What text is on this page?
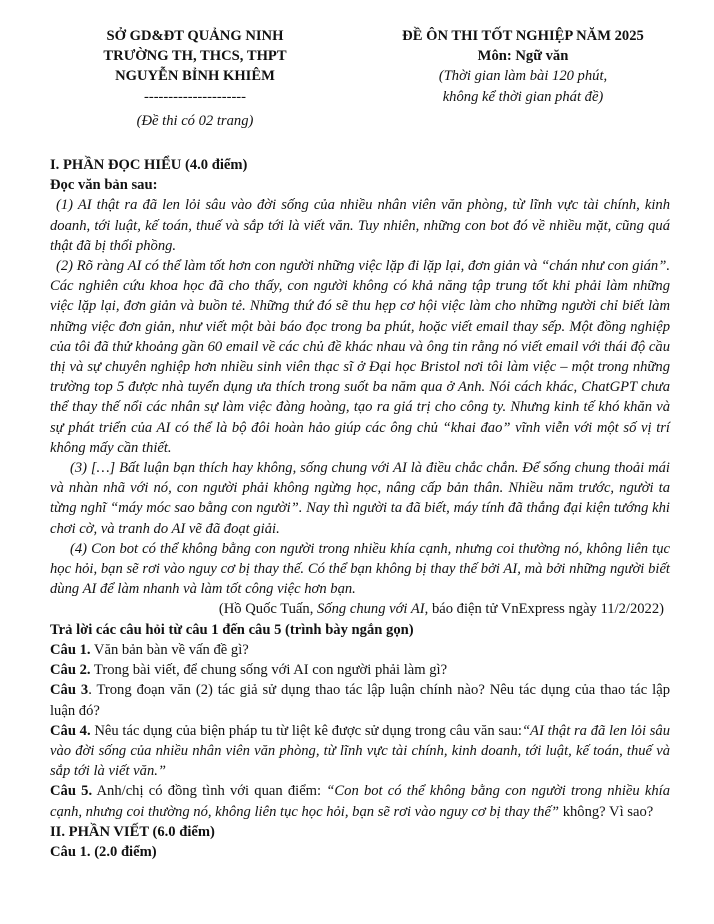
SỞ GD&ĐT QUẢNG NINH
TRƯỜNG TH, THCS, THPT
NGUYỄN BỈNH KHIÊM
---------------------
(Đề thi có 02 trang)
ĐỀ ÔN THI TỐT NGHIỆP NĂM 2025
Môn: Ngữ văn
(Thời gian làm bài 120 phút,
không kể thời gian phát đề)
I. PHẦN ĐỌC HIỂU (4.0 điểm)
Đọc văn bản sau:

(1) AI thật ra đã len lỏi sâu vào đời sống của nhiều nhân viên văn phòng, từ lĩnh vực tài chính, kinh doanh, tới luật, kế toán, thuế và sắp tới là viết văn. Tuy nhiên, những con bot đó về nhiều mặt, cũng quá thật đã bị thổi phồng.

(2) Rõ ràng AI có thể làm tốt hơn con người những việc lặp đi lặp lại, đơn giản và “chán như con gián”. Các nghiên cứu khoa học đã cho thấy, con người không có khả năng tập trung tốt khi phải làm những việc lặp lại, đơn giản và buồn tẻ. Những thứ đó sẽ thu hẹp cơ hội việc làm cho những người chỉ biết làm những việc đơn giản, như viết một bài báo đọc trong ba phút, hoặc viết email thay sếp. Một đồng nghiệp của tôi đã thử khoảng gần 60 email về các chủ đề khác nhau và ông tin rằng nó viết email với thái độ cầu thị và sự chuyên nghiệp hơn nhiều sinh viên thạc sĩ ở Đại học Bristol nơi tôi làm việc – một trong những trường top 5 được nhà tuyển dụng ưa thích trong suốt ba năm qua ở Anh. Nói cách khác, ChatGPT chưa thể thay thế nổi các nhân sự làm việc đàng hoàng, tạo ra giá trị cho công ty. Nhưng kinh tế khó khăn và sự phát triển của AI có thể là bộ đôi hoàn hảo giúp các ông chủ “khai đao” vĩnh viễn với một số vị trí không mấy cần thiết.

(3) […] Bất luận bạn thích hay không, sống chung với AI là điều chắc chắn. Để sống chung thoải mái và nhàn nhã với nó, con người phải không ngừng học, nâng cấp bản thân. Nhiều năm trước, người ta từng nghĩ “máy móc sao bằng con người”. Nay thì người ta đã biết, máy tính đã thắng đại kiện tướng khi chơi cờ, và tranh do AI vẽ đã đoạt giải.

(4) Con bot có thể không bằng con người trong nhiều khía cạnh, nhưng coi thường nó, không liên tục học hỏi, bạn sẽ rơi vào nguy cơ bị thay thế. Có thể bạn không bị thay thế bởi AI, mà bởi những người biết dùng AI để làm nhanh và làm tốt công việc hơn bạn.

(Hồ Quốc Tuấn, Sống chung với AI, báo điện tử VnExpress ngày 11/2/2022)
Trả lời các câu hỏi từ câu 1 đến câu 5 (trình bày ngắn gọn)

Câu 1. Văn bản bàn về vấn đề gì?

Câu 2. Trong bài viết, để chung sống với AI con người phải làm gì?

Câu 3. Trong đoạn văn (2) tác giả sử dụng thao tác lập luận chính nào? Nêu tác dụng của thao tác lập luận đó?

Câu 4. Nêu tác dụng của biện pháp tu từ liệt kê được sử dụng trong câu văn sau:“AI thật ra đã len lỏi sâu vào đời sống của nhiều nhân viên văn phòng, từ lĩnh vực tài chính, kinh doanh, tới luật, kế toán, thuế và sắp tới là viết văn.”

Câu 5. Anh/chị có đồng tình với quan điểm: “Con bot có thể không bằng con người trong nhiều khía cạnh, nhưng coi thường nó, không liên tục học hỏi, bạn sẽ rơi vào nguy cơ bị thay thế” không? Vì sao?

II. PHẦN VIẾT (6.0 điểm)
Câu 1. (2.0 điểm)
